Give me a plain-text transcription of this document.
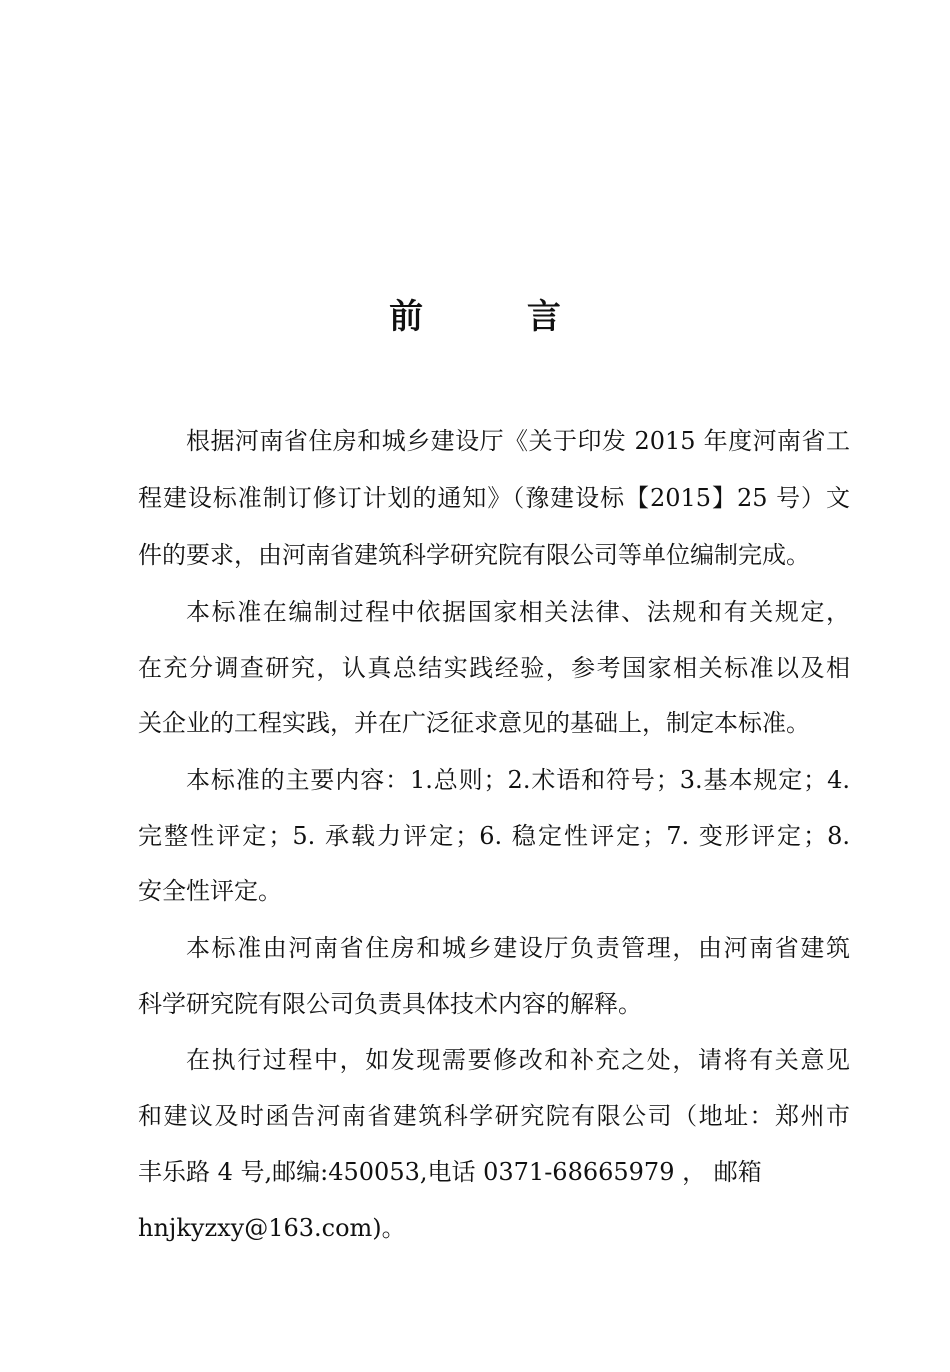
前 言
根据河南省住房和城乡建设厅《关于印发 2015 年度河南省工
程建设标准制订修订计划的通知》（豫建设标【2015】25 号）文
件的要求，由河南省建筑科学研究院有限公司等单位编制完成。
本标准在编制过程中依据国家相关法律、法规和有关规定，
在充分调查研究，认真总结实践经验，参考国家相关标准以及相
关企业的工程实践，并在广泛征求意见的基础上，制定本标准。
本标准的主要内容：1.总则；2.术语和符号；3.基本规定；4.
完整性评定；5. 承载力评定；6. 稳定性评定；7. 变形评定；8.
安全性评定。
本标准由河南省住房和城乡建设厅负责管理，由河南省建筑
科学研究院有限公司负责具体技术内容的解释。
在执行过程中，如发现需要修改和补充之处，请将有关意见
和建议及时函告河南省建筑科学研究院有限公司（地址：郑州市
丰乐路 4 号,邮编:450053,电话 0371-68665979 ， 邮箱
hnjkyzxy@163.com)。
